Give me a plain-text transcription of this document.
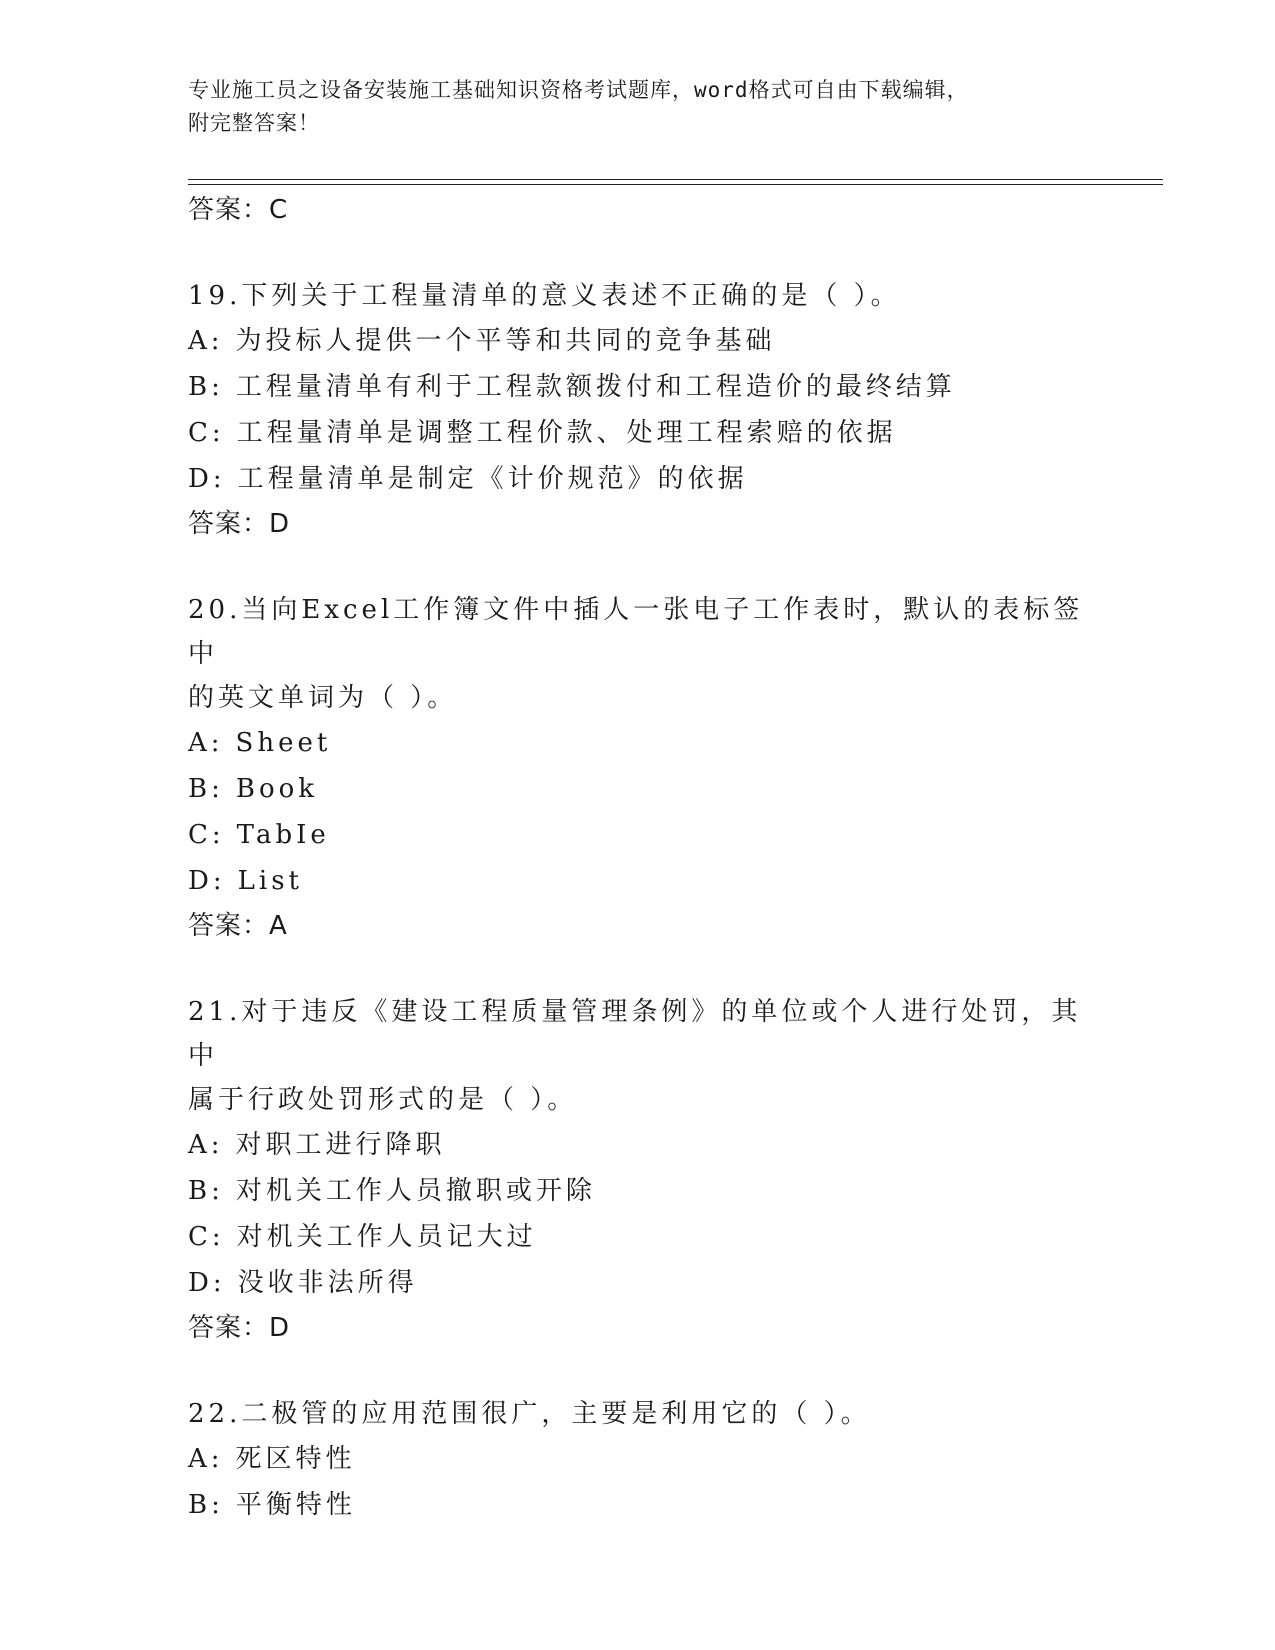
专业施工员之设备安装施工基础知识资格考试题库，word格式可自由下载编辑，
附完整答案！
答案：C
19.下列关于工程量清单的意义表述不正确的是（ ）。
A: 为投标人提供一个平等和共同的竞争基础
B: 工程量清单有利于工程款额拨付和工程造价的最终结算
C: 工程量清单是调整工程价款、处理工程索赔的依据
D: 工程量清单是制定《计价规范》的依据
答案：D
20.当向Excel工作簿文件中插人一张电子工作表时，默认的表标签中
的英文单词为（ ）。
A: Sheet
B: Book
C: TabIe
D: List
答案：A
21.对于违反《建设工程质量管理条例》的单位或个人进行处罚，其中
属于行政处罚形式的是（ ）。
A: 对职工进行降职
B: 对机关工作人员撤职或开除
C: 对机关工作人员记大过
D: 没收非法所得
答案：D
22.二极管的应用范围很广，主要是利用它的（ ）。
A: 死区特性
B: 平衡特性
